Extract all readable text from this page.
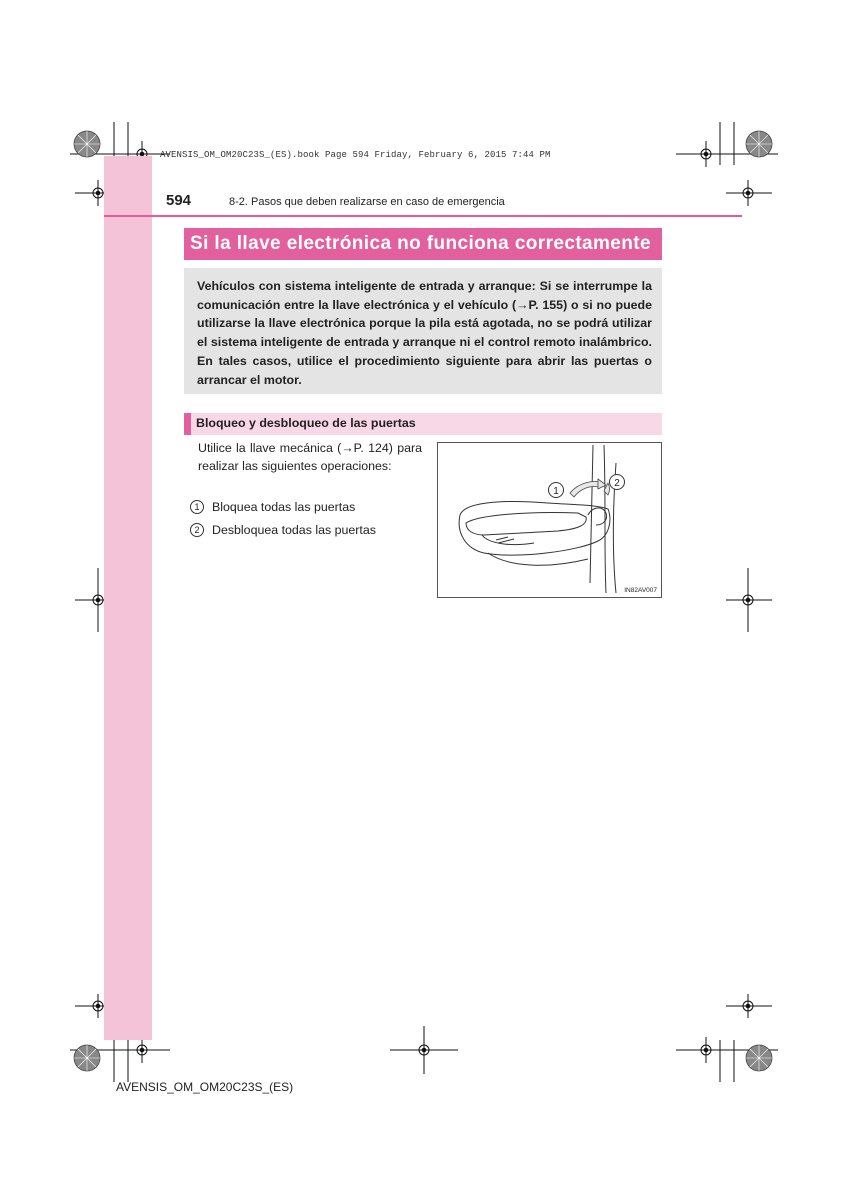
AVENSIS_OM_OM20C23S_(ES).book Page 594 Friday, February 6, 2015 7:44 PM
594	8-2. Pasos que deben realizarse en caso de emergencia
Si la llave electrónica no funciona correctamente

Vehículos con sistema inteligente de entrada y arranque: Si se interrumpe la comunicación entre la llave electrónica y el vehículo (→P. 155) o si no puede utilizarse la llave electrónica porque la pila está agotada, no se podrá utilizar el sistema inteligente de entrada y arranque ni el control remoto inalámbrico. En tales casos, utilice el procedimiento siguiente para abrir las puertas o arrancar el motor.

Bloqueo y desbloqueo de las puertas

Utilice la llave mecánica (→P. 124) para realizar las siguientes operaciones:

1 Bloquea todas las puertas
2 Desbloquea todas las puertas
1
2
IN82AV007
AVENSIS_OM_OM20C23S_(ES)
